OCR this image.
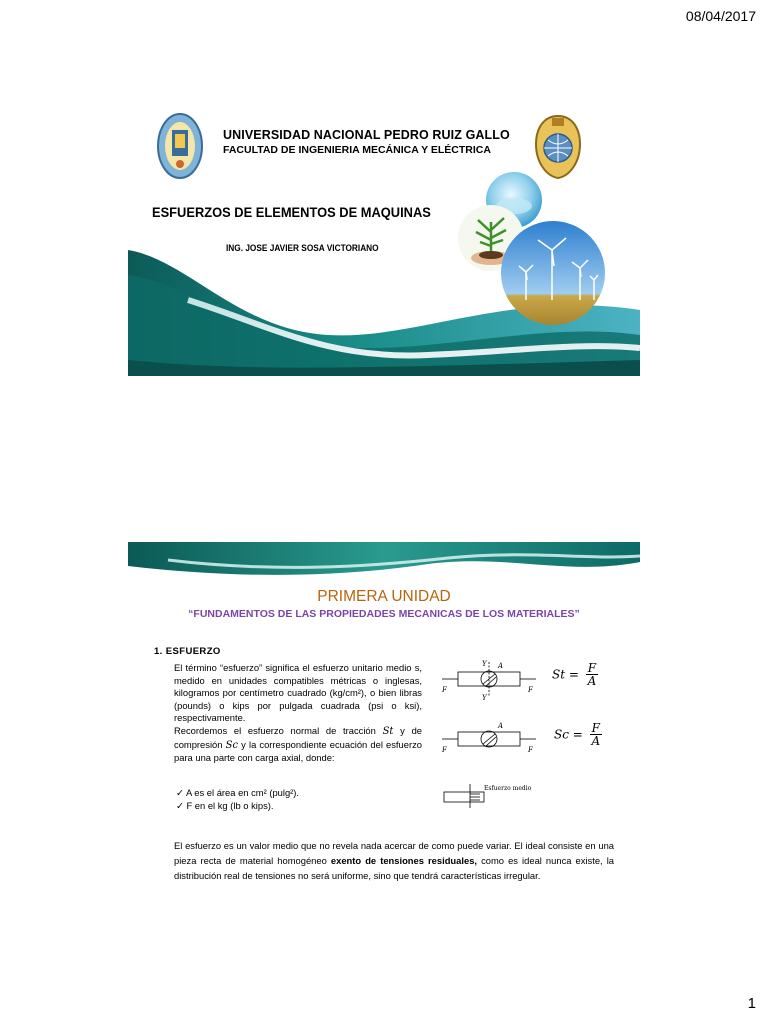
08/04/2017
UNIVERSIDAD NACIONAL PEDRO RUIZ GALLO
FACULTAD DE INGENIERIA MECÁNICA Y ELÉCTRICA
ESFUERZOS DE ELEMENTOS DE MAQUINAS
ING. JOSE JAVIER SOSA VICTORIANO
PRIMERA UNIDAD
“FUNDAMENTOS DE LAS PROPIEDADES MECANICAS DE LOS MATERIALES”
1. ESFUERZO
El término “esfuerzo” significa el esfuerzo unitario medio s, medido en unidades compatibles métricas o inglesas, kilogramos por centímetro cuadrado (kg/cm²), o bien libras (pounds) o kips por pulgada cuadrada (psi o ksi), respectivamente.
Recordemos el esfuerzo normal de tracción St y de compresión Sc y la correspondiente ecuación del esfuerzo para una parte con carga axial, donde:
✓ A es el área en cm² (pulg²).
✓ F en el kg (lb o kips).
F	F
A
Y
Y
F	F
A
Esfuerzo medio
$St = \frac{F}{A}$
$Sc = \frac{F}{A}$
El esfuerzo es un valor medio que no revela nada acercar de como puede variar. El ideal consiste en una pieza recta de material homogéneo exento de tensiones residuales, como es ideal nunca existe, la distribución real de tensiones no será uniforme, sino que tendrá características irregular.
1
